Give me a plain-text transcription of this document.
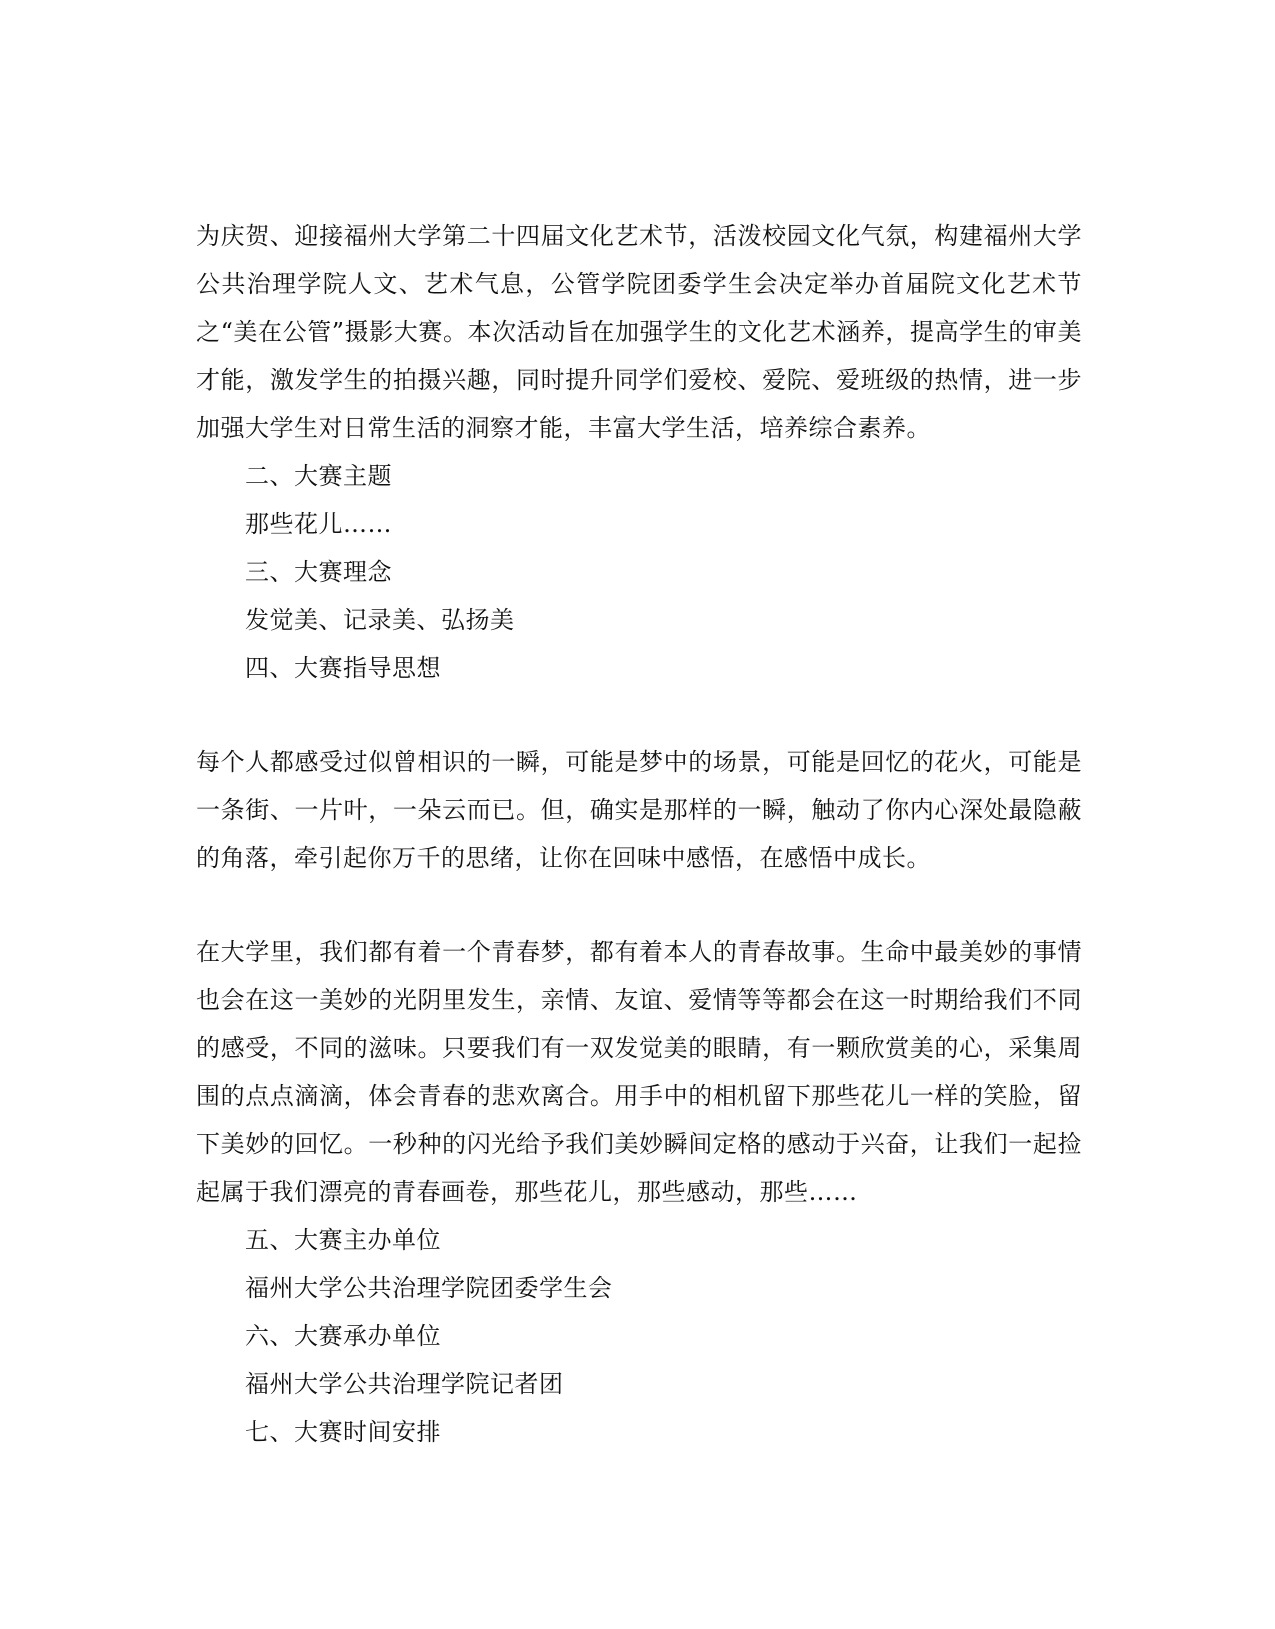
为庆贺、迎接福州大学第二十四届文化艺术节，活泼校园文化气氛，构建福州大学公共治理学院人文、艺术气息，公管学院团委学生会决定举办首届院文化艺术节之“美在公管”摄影大赛。本次活动旨在加强学生的文化艺术涵养，提高学生的审美才能，激发学生的拍摄兴趣，同时提升同学们爱校、爱院、爱班级的热情，进一步加强大学生对日常生活的洞察才能，丰富大学生活，培养综合素养。

二、大赛主题

那些花儿……

三、大赛理念

发觉美、记录美、弘扬美

四、大赛指导思想

每个人都感受过似曾相识的一瞬，可能是梦中的场景，可能是回忆的花火，可能是一条街、一片叶，一朵云而已。但，确实是那样的一瞬，触动了你内心深处最隐蔽的角落，牵引起你万千的思绪，让你在回味中感悟，在感悟中成长。

在大学里，我们都有着一个青春梦，都有着本人的青春故事。生命中最美妙的事情也会在这一美妙的光阴里发生，亲情、友谊、爱情等等都会在这一时期给我们不同的感受，不同的滋味。只要我们有一双发觉美的眼睛，有一颗欣赏美的心，采集周围的点点滴滴，体会青春的悲欢离合。用手中的相机留下那些花儿一样的笑脸，留下美妙的回忆。一秒种的闪光给予我们美妙瞬间定格的感动于兴奋，让我们一起捡起属于我们漂亮的青春画卷，那些花儿，那些感动，那些……

五、大赛主办单位

福州大学公共治理学院团委学生会

六、大赛承办单位

福州大学公共治理学院记者团

七、大赛时间安排
